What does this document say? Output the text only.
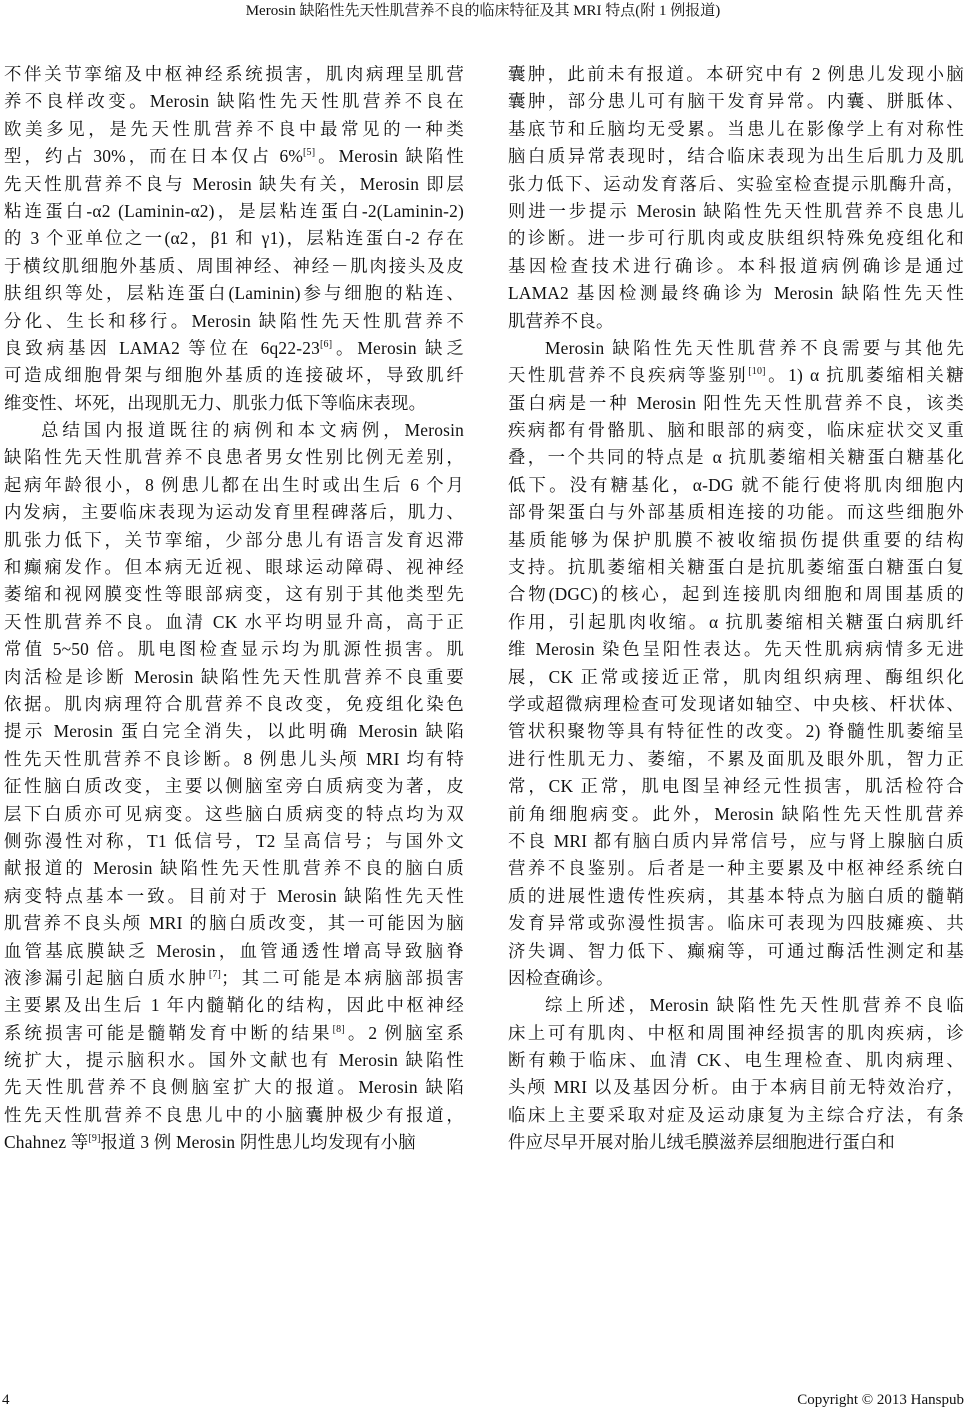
Merosin 缺陷性先天性肌营养不良的临床特征及其 MRI 特点(附 1 例报道)
不伴关节挛缩及中枢神经系统损害，肌肉病理呈肌营
养不良样改变。Merosin 缺陷性先天性肌营养不良在
欧美多见，是先天性肌营养不良中最常见的一种类
型，约占 30%，而在日本仅占 6%[5]。Merosin 缺陷性
先天性肌营养不良与 Merosin 缺失有关，Merosin 即层
粘连蛋白-α2 (Laminin-α2)，是层粘连蛋白-2(Laminin-2)
的 3 个亚单位之一(α2，β1 和 γ1)，层粘连蛋白-2 存在
于横纹肌细胞外基质、周围神经、神经－肌肉接头及皮
肤组织等处，层粘连蛋白(Laminin)参与细胞的粘连、
分化、生长和移行。Merosin 缺陷性先天性肌营养不
良致病基因 LAMA2 等位在 6q22-23[6]。Merosin 缺乏
可造成细胞骨架与细胞外基质的连接破坏，导致肌纤
维变性、坏死，出现肌无力、肌张力低下等临床表现。
总结国内报道既往的病例和本文病例，Merosin
缺陷性先天性肌营养不良患者男女性别比例无差别，
起病年龄很小，8 例患儿都在出生时或出生后 6 个月
内发病，主要临床表现为运动发育里程碑落后，肌力、
肌张力低下，关节挛缩，少部分患儿有语言发育迟滞
和癫痫发作。但本病无近视、眼球运动障碍、视神经
萎缩和视网膜变性等眼部病变，这有别于其他类型先
天性肌营养不良。血清 CK 水平均明显升高，高于正
常值 5~50 倍。肌电图检查显示均为肌源性损害。肌
肉活检是诊断 Merosin 缺陷性先天性肌营养不良重要
依据。肌肉病理符合肌营养不良改变，免疫组化染色
提示 Merosin 蛋白完全消失，以此明确 Merosin 缺陷
性先天性肌营养不良诊断。8 例患儿头颅 MRI 均有特
征性脑白质改变，主要以侧脑室旁白质病变为著，皮
层下白质亦可见病变。这些脑白质病变的特点均为双
侧弥漫性对称，T1 低信号，T2 呈高信号；与国外文
献报道的 Merosin 缺陷性先天性肌营养不良的脑白质
病变特点基本一致。目前对于 Merosin 缺陷性先天性
肌营养不良头颅 MRI 的脑白质改变，其一可能因为脑
血管基底膜缺乏 Merosin，血管通透性增高导致脑脊
液渗漏引起脑白质水肿[7]；其二可能是本病脑部损害
主要累及出生后 1 年内髓鞘化的结构，因此中枢神经
系统损害可能是髓鞘发育中断的结果[8]。2 例脑室系
统扩大，提示脑积水。国外文献也有 Merosin 缺陷性
先天性肌营养不良侧脑室扩大的报道。Merosin 缺陷
性先天性肌营养不良患儿中的小脑囊肿极少有报道，
Chahnez 等[9]报道 3 例 Merosin 阴性患儿均发现有小脑
囊肿，此前未有报道。本研究中有 2 例患儿发现小脑
囊肿，部分患儿可有脑干发育异常。内囊、胼胝体、
基底节和丘脑均无受累。当患儿在影像学上有对称性
脑白质异常表现时，结合临床表现为出生后肌力及肌
张力低下、运动发育落后、实验室检查提示肌酶升高，
则进一步提示 Merosin 缺陷性先天性肌营养不良患儿
的诊断。进一步可行肌肉或皮肤组织特殊免疫组化和
基因检查技术进行确诊。本科报道病例确诊是通过
LAMA2 基因检测最终确诊为 Merosin 缺陷性先天性
肌营养不良。
Merosin 缺陷性先天性肌营养不良需要与其他先
天性肌营养不良疾病等鉴别[10]。1) α 抗肌萎缩相关糖
蛋白病是一种 Merosin 阳性先天性肌营养不良，该类
疾病都有骨骼肌、脑和眼部的病变，临床症状交叉重
叠，一个共同的特点是 α 抗肌萎缩相关糖蛋白糖基化
低下。没有糖基化，α-DG 就不能行使将肌肉细胞内
部骨架蛋白与外部基质相连接的功能。而这些细胞外
基质能够为保护肌膜不被收缩损伤提供重要的结构
支持。抗肌萎缩相关糖蛋白是抗肌萎缩蛋白糖蛋白复
合物(DGC)的核心，起到连接肌肉细胞和周围基质的
作用，引起肌肉收缩。α 抗肌萎缩相关糖蛋白病肌纤
维 Merosin 染色呈阳性表达。先天性肌病病情多无进
展，CK 正常或接近正常，肌肉组织病理、酶组织化
学或超微病理检查可发现诸如轴空、中央核、杆状体、
管状积聚物等具有特征性的改变。2) 脊髓性肌萎缩呈
进行性肌无力、萎缩，不累及面肌及眼外肌，智力正
常，CK 正常，肌电图呈神经元性损害，肌活检符合
前角细胞病变。此外，Merosin 缺陷性先天性肌营养
不良 MRI 都有脑白质内异常信号，应与肾上腺脑白质
营养不良鉴别。后者是一种主要累及中枢神经系统白
质的进展性遗传性疾病，其基本特点为脑白质的髓鞘
发育异常或弥漫性损害。临床可表现为四肢瘫痪、共
济失调、智力低下、癫痫等，可通过酶活性测定和基
因检查确诊。
综上所述，Merosin 缺陷性先天性肌营养不良临
床上可有肌肉、中枢和周围神经损害的肌肉疾病，诊
断有赖于临床、血清 CK、电生理检查、肌肉病理、
头颅 MRI 以及基因分析。由于本病目前无特效治疗，
临床上主要采取对症及运动康复为主综合疗法，有条
件应尽早开展对胎儿绒毛膜滋养层细胞进行蛋白和
4	Copyright © 2013 Hanspub
